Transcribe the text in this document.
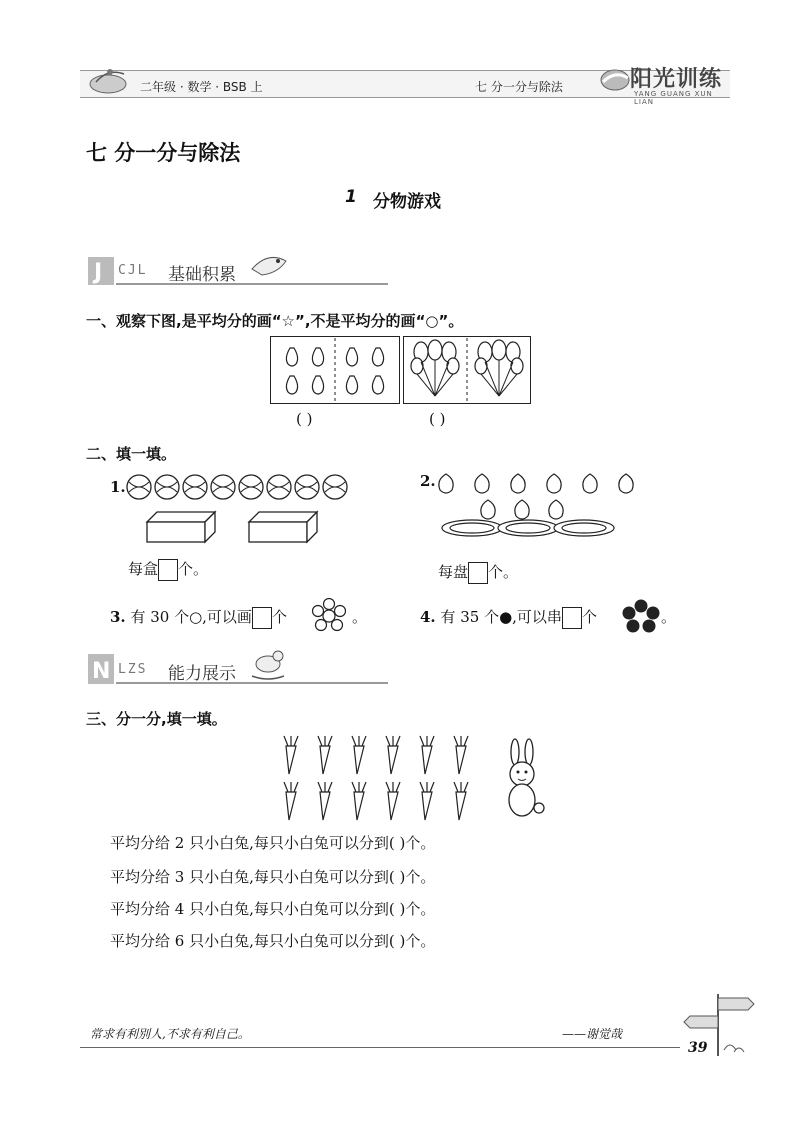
二年级 · 数学 · BSB 上	七 分一分与除法	阳光训练
YANG GUANG XUN LIAN
七 分一分与除法
1 分物游戏
J CJL 基础积累
一、观察下图,是平均分的画“☆”,不是平均分的画“○”。
( )	( )
二、填一填。
1.
每盒 个。
2.
每盘 个。
3. 有 30 个○,可以画 个	。	4. 有 35 个●,可以串 个	。
N LZS 能力展示
三、分一分,填一填。
平均分给 2 只小白兔,每只小白兔可以分到( )个。
平均分给 3 只小白兔,每只小白兔可以分到( )个。
平均分给 4 只小白兔,每只小白兔可以分到( )个。
平均分给 6 只小白兔,每只小白兔可以分到( )个。
常求有利别人,不求有利自己。	——谢觉哉
39
